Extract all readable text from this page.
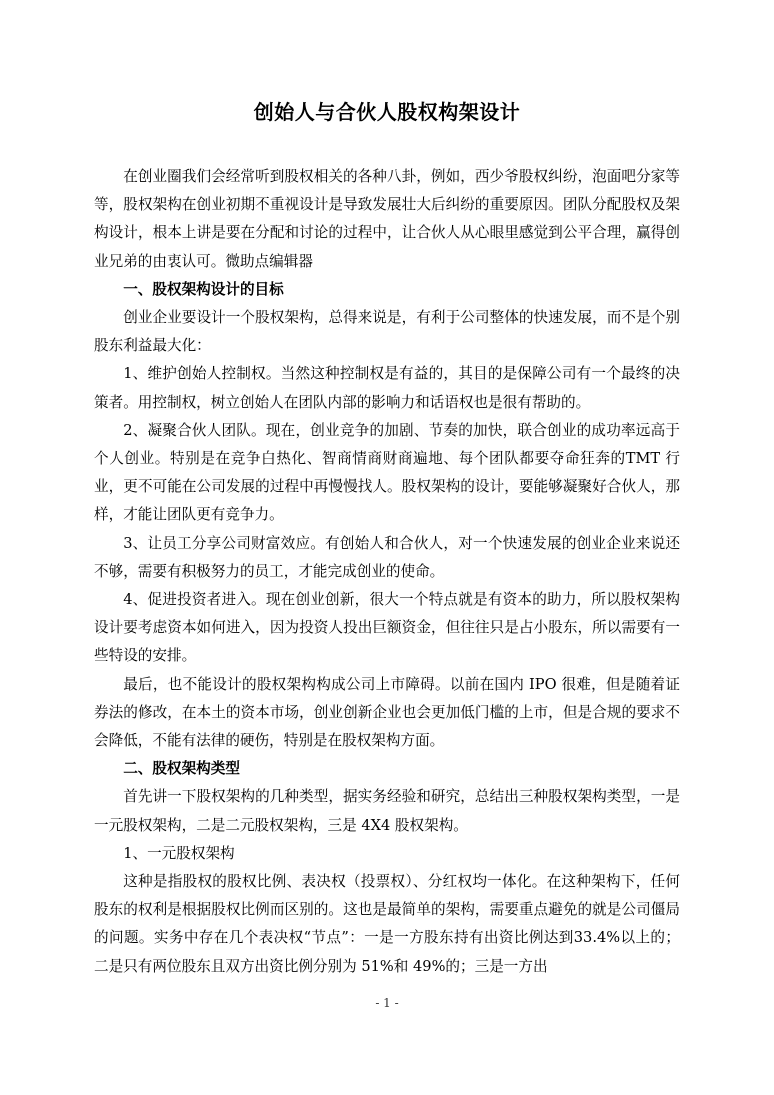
创始人与合伙人股权构架设计

在创业圈我们会经常听到股权相关的各种八卦，例如，西少爷股权纠纷，泡面吧分家等等，股权架构在创业初期不重视设计是导致发展壮大后纠纷的重要原因。团队分配股权及架构设计，根本上讲是要在分配和讨论的过程中，让合伙人从心眼里感觉到公平合理，赢得创业兄弟的由衷认可。微助点编辑器

一、股权架构设计的目标

创业企业要设计一个股权架构，总得来说是，有利于公司整体的快速发展，而不是个别股东利益最大化：

1、维护创始人控制权。当然这种控制权是有益的，其目的是保障公司有一个最终的决策者。用控制权，树立创始人在团队内部的影响力和话语权也是很有帮助的。

2、凝聚合伙人团队。现在，创业竞争的加剧、节奏的加快，联合创业的成功率远高于个人创业。特别是在竞争白热化、智商情商财商遍地、每个团队都要夺命狂奔的TMT 行业，更不可能在公司发展的过程中再慢慢找人。股权架构的设计，要能够凝聚好合伙人，那样，才能让团队更有竞争力。

3、让员工分享公司财富效应。有创始人和合伙人，对一个快速发展的创业企业来说还不够，需要有积极努力的员工，才能完成创业的使命。

4、促进投资者进入。现在创业创新，很大一个特点就是有资本的助力，所以股权架构设计要考虑资本如何进入，因为投资人投出巨额资金，但往往只是占小股东，所以需要有一些特设的安排。

最后，也不能设计的股权架构构成公司上市障碍。以前在国内 IPO 很难，但是随着证券法的修改，在本土的资本市场，创业创新企业也会更加低门槛的上市，但是合规的要求不会降低，不能有法律的硬伤，特别是在股权架构方面。

二、股权架构类型

首先讲一下股权架构的几种类型，据实务经验和研究，总结出三种股权架构类型，一是一元股权架构，二是二元股权架构，三是 4X4 股权架构。

1、一元股权架构

这种是指股权的股权比例、表决权（投票权）、分红权均一体化。在这种架构下，任何股东的权利是根据股权比例而区别的。这也是最简单的架构，需要重点避免的就是公司僵局的问题。实务中存在几个表决权“节点”：一是一方股东持有出资比例达到33.4%以上的；二是只有两位股东且双方出资比例分别为 51%和 49%的；三是一方出

- 1 -
